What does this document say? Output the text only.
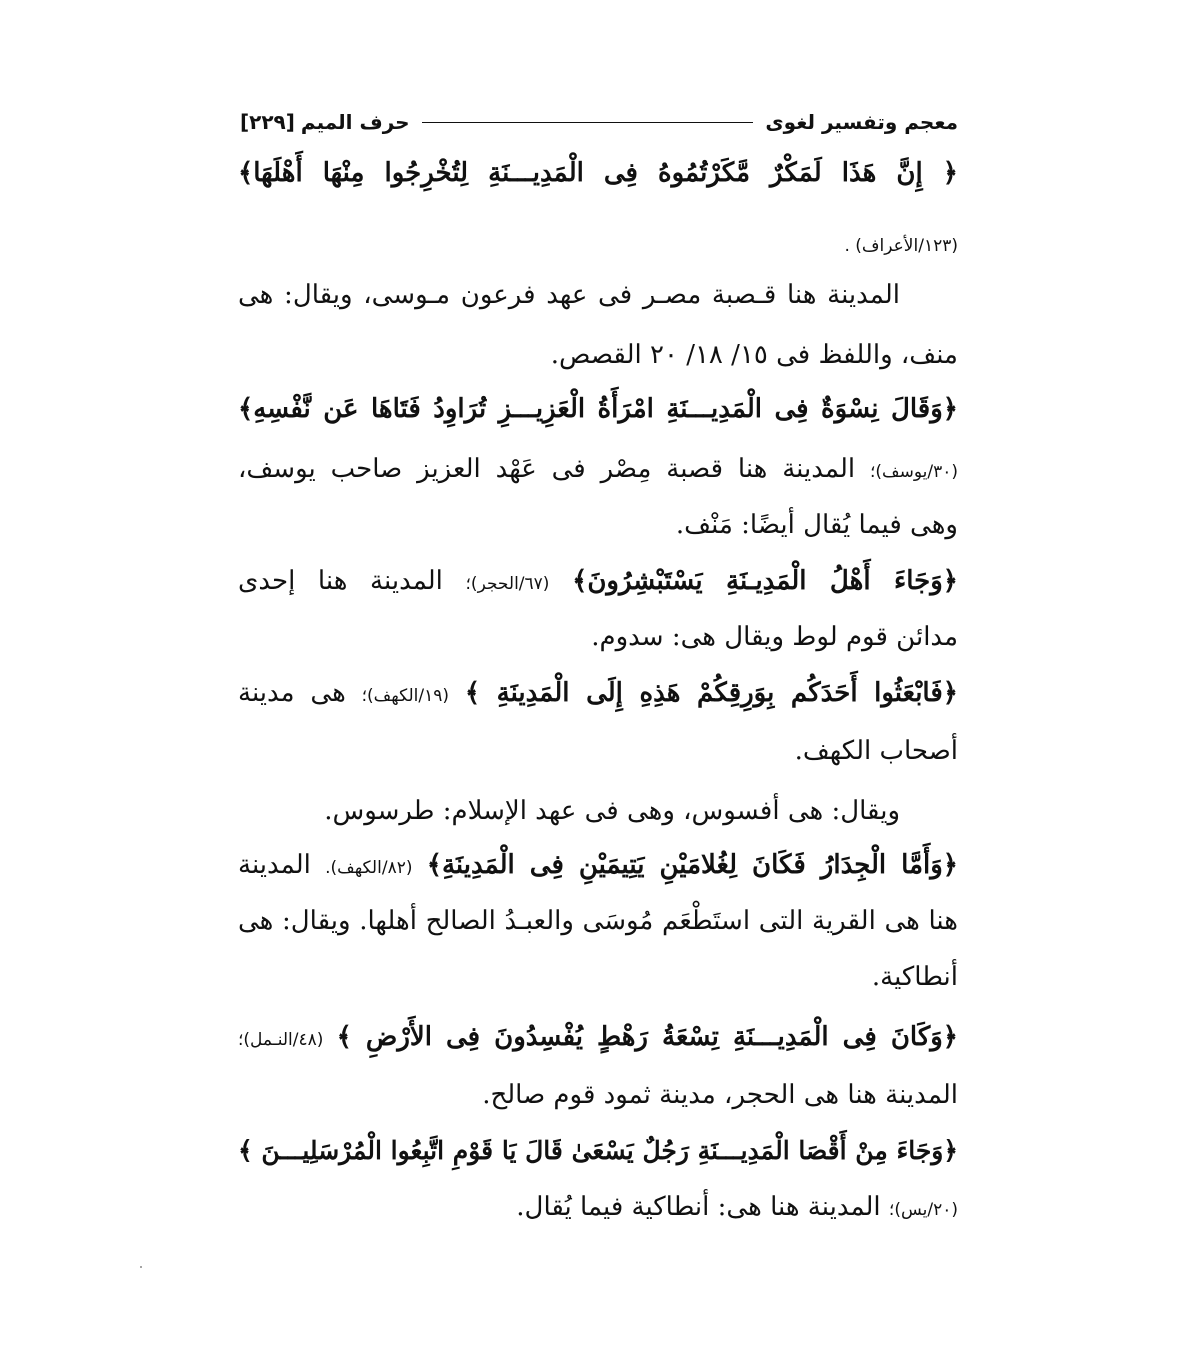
معجم وتفسير لغوى
حرف الميم
[٢٢٩]
﴿ إِنَّ هَذَا لَمَكْرٌ مَّكَرْتُمُوهُ فِى الْمَدِيـــنَةِ لِتُخْرِجُوا مِنْهَا أَهْلَهَا﴾
(١٢٣/الأعراف) .
المدينة هنا قـصبة مصـر فى عهد فرعون مـوسى، ويقال: هى
منف، واللفظ فى ١٥/ ١٨/ ٢٠ القصص.
﴿وَقَالَ نِسْوَةٌ فِى الْمَدِيـــنَةِ امْرَأَةُ الْعَزِيـــزِ تُرَاوِدُ فَتَاهَا عَن نَّفْسِهِ﴾
(٣٠/يوسف)؛ المدينة هنا قصبة مِصْر فى عَهْد العزيز صاحب يوسف،
وهى فيما يُقال أيضًا: مَنْف.
﴿وَجَاءَ أَهْلُ الْمَدِيـنَةِ يَسْتَبْشِرُونَ﴾ (٦٧/الحجر)؛ المدينة هنا إحدى
مدائن قوم لوط ويقال هى: سدوم.
﴿فَابْعَثُوا أَحَدَكُم بِوَرِقِكُمْ هَذِهِ إِلَى الْمَدِينَةِ ﴾ (١٩/الكهف)؛ هى مدينة
أصحاب الكهف.
ويقال: هى أفسوس، وهى فى عهد الإسلام: طرسوس.
﴿وَأَمَّا الْجِدَارُ فَكَانَ لِغُلامَيْنِ يَتِيمَيْنِ فِى الْمَدِينَةِ﴾ (٨٢/الكهف). المدينة
هنا هى القرية التى استَطْعَم مُوسَى والعبـدُ الصالح أهلها. ويقال: هى
أنطاكية.
﴿وَكَانَ فِى الْمَدِيـــنَةِ تِسْعَةُ رَهْطٍ يُفْسِدُونَ فِى الأَرْضِ ﴾ (٤٨/النـمل)؛
المدينة هنا هى الحجر، مدينة ثمود قوم صالح.
﴿وَجَاءَ مِنْ أَقْصَا الْمَدِيـــنَةِ رَجُلٌ يَسْعَىٰ قَالَ يَا قَوْمِ اتَّبِعُوا الْمُرْسَلِيـــنَ ﴾
(٢٠/يس)؛ المدينة هنا هى: أنطاكية فيما يُقال.
